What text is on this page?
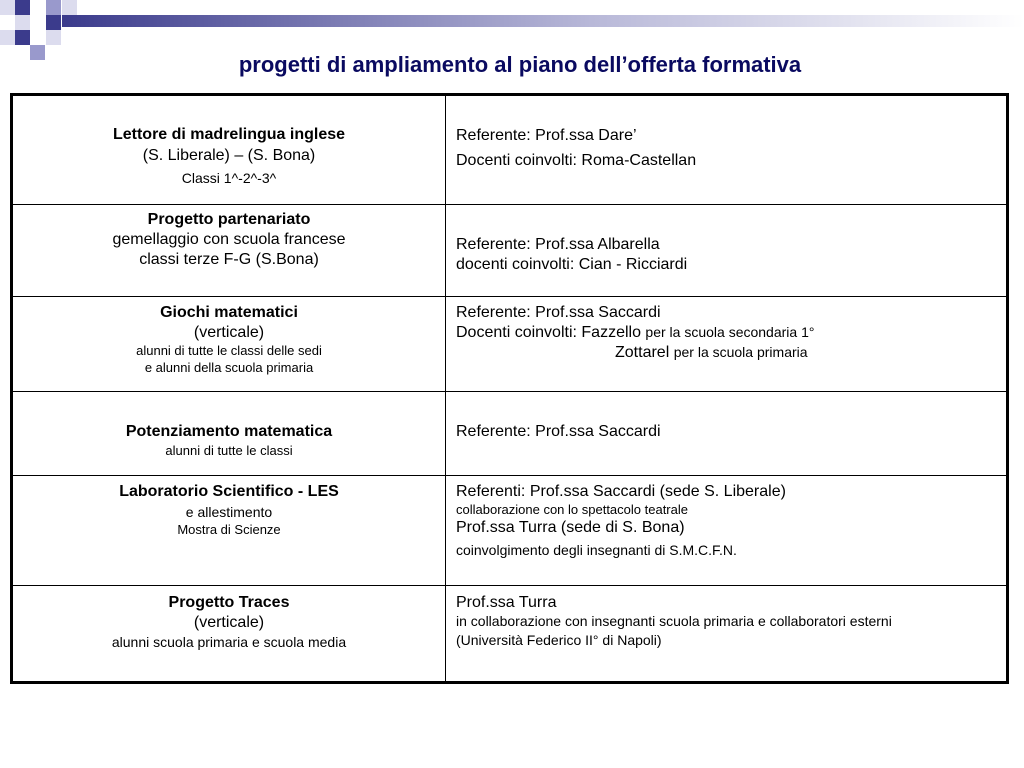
progetti di ampliamento al piano dell’offerta formativa
Lettore di madrelingua inglese
(S. Liberale) – (S. Bona)
Classi 1^-2^-3^	Referente: Prof.ssa Dare’
Docenti coinvolti: Roma-Castellan

Progetto partenariato
gemellaggio con scuola francese
classi terze F-G (S.Bona)	Referente: Prof.ssa Albarella
docenti coinvolti: Cian - Ricciardi

Giochi matematici
(verticale)
alunni di tutte le classi delle sedi
e alunni della scuola primaria	Referente: Prof.ssa Saccardi
Docenti coinvolti: Fazzello per la scuola secondaria 1°
Zottarel per la scuola primaria

Potenziamento matematica
alunni di tutte le classi	Referente: Prof.ssa Saccardi

Laboratorio Scientifico - LES
e allestimento
Mostra di Scienze	Referenti: Prof.ssa Saccardi (sede S. Liberale)
collaborazione con lo spettacolo teatrale
Prof.ssa Turra (sede di S. Bona)
coinvolgimento degli insegnanti di S.M.C.F.N.

Progetto Traces
(verticale)
alunni scuola primaria e scuola media	Prof.ssa Turra
in collaborazione con insegnanti scuola primaria e collaboratori esterni
(Università Federico II° di Napoli)
